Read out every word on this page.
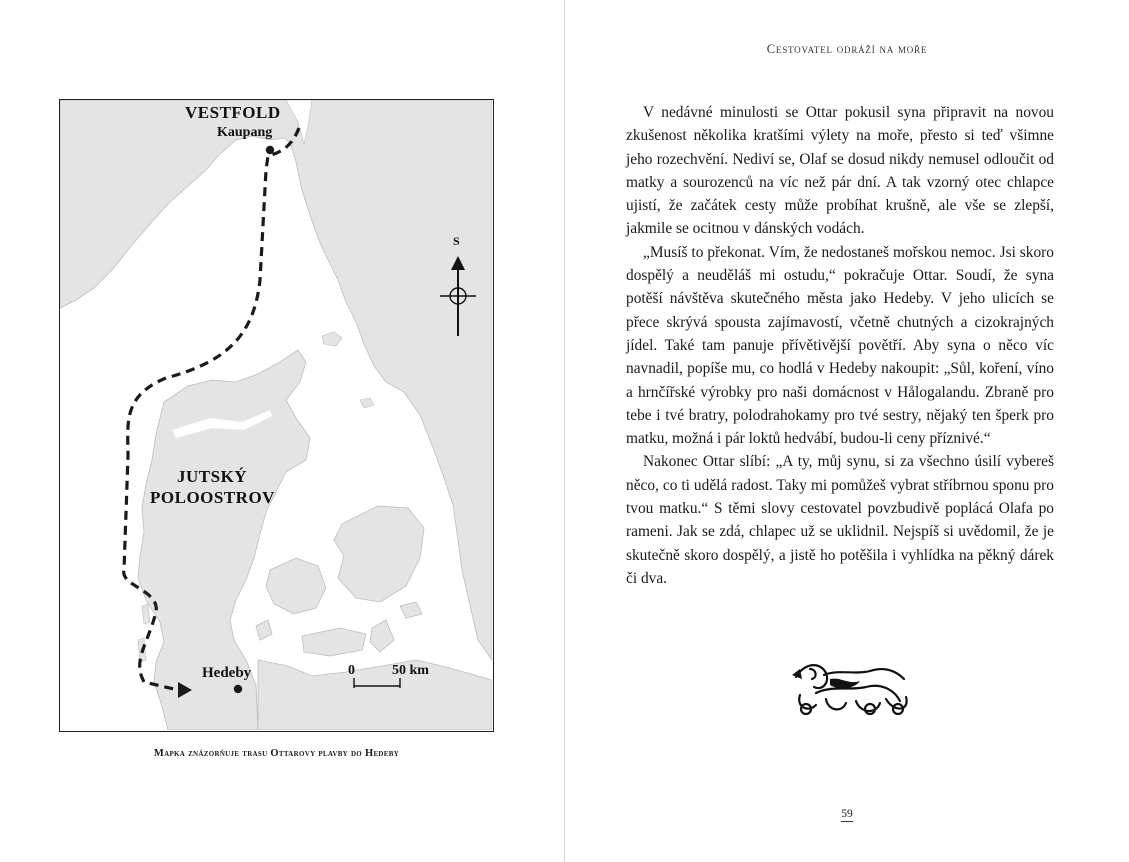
VESTFOLD
Kaupang
JUTSKÝ
POLOOSTROV
Hedeby
S
0	50 km
Mapka znázorňuje trasu Ottarovy plavby do Hedeby
Cestovatel odráží na moře

V nedávné minulosti se Ottar pokusil syna připravit na novou zkušenost několika kratšími výlety na moře, přesto si teď všimne jeho rozechvění. Nediví se, Olaf se dosud nikdy nemusel odloučit od matky a sourozenců na víc než pár dní. A tak vzorný otec chlapce ujistí, že začátek cesty může probíhat krušně, ale vše se zlepší, jakmile se ocitnou v dánských vodách.

„Musíš to překonat. Vím, že nedostaneš mořskou nemoc. Jsi skoro dospělý a neuděláš mi ostudu,“ pokračuje Ottar. Soudí, že syna potěší návštěva skutečného města jako Hedeby. V jeho ulicích se přece skrývá spousta zajímavostí, včetně chutných a cizokrajných jídel. Také tam panuje přívětivější povětří. Aby syna o něco víc navnadil, popíše mu, co hodlá v Hedeby nakoupit: „Sůl, koření, víno a hrnčířské výrobky pro naši domácnost v Hålogalandu. Zbraně pro tebe i tvé bratry, polodrahokamy pro tvé sestry, nějaký ten šperk pro matku, možná i pár loktů hedvábí, budou-li ceny příznivé.“

Nakonec Ottar slíbí: „A ty, můj synu, si za všechno úsilí vybereš něco, co ti udělá radost. Taky mi pomůžeš vybrat stříbrnou sponu pro tvou matku.“ S těmi slovy cestovatel povzbudivě poplácá Olafa po rameni. Jak se zdá, chlapec už se uklidnil. Nejspíš si uvědomil, že je skutečně skoro dospělý, a jistě ho potěšila i vyhlídka na pěkný dárek či dva.

59
